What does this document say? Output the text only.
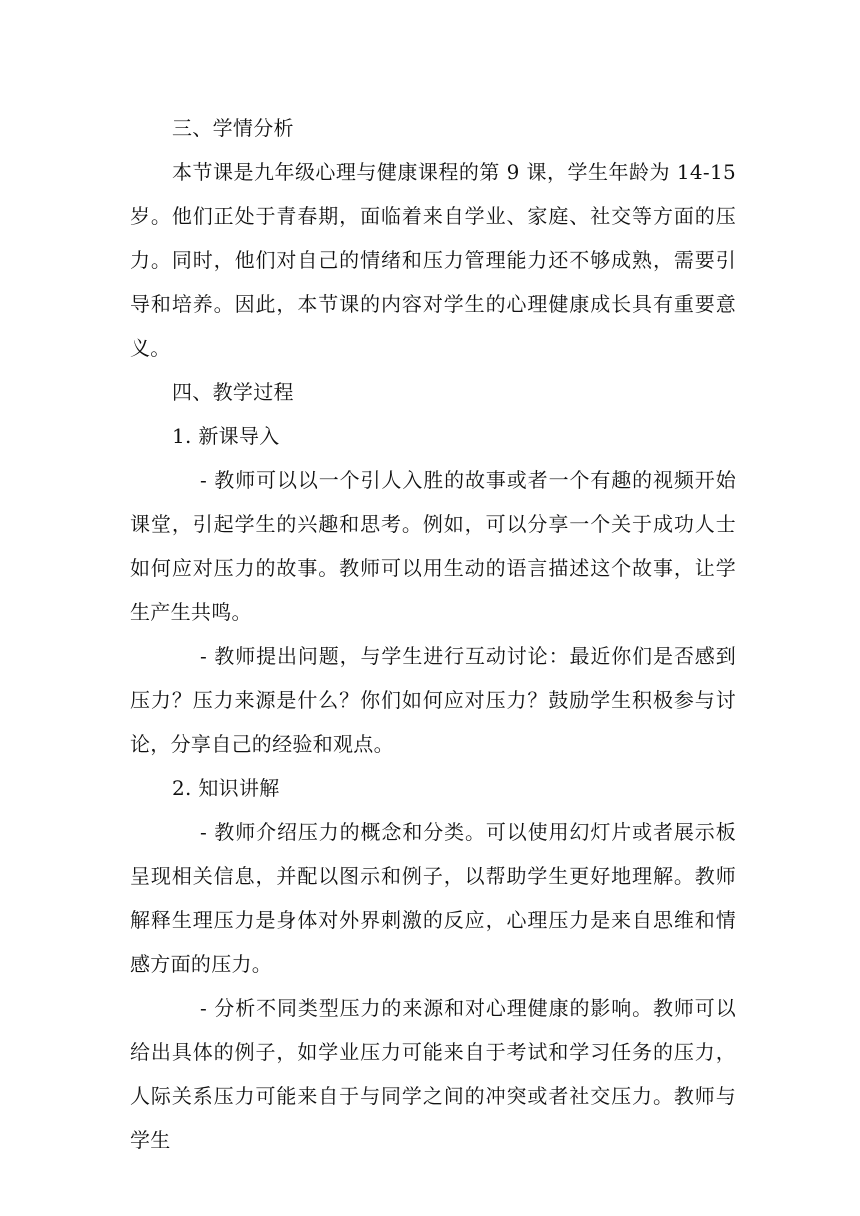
三、学情分析

本节课是九年级心理与健康课程的第 9 课，学生年龄为 14-15 岁。他们正处于青春期，面临着来自学业、家庭、社交等方面的压力。同时，他们对自己的情绪和压力管理能力还不够成熟，需要引导和培养。因此，本节课的内容对学生的心理健康成长具有重要意义。

四、教学过程

1. 新课导入

- 教师可以以一个引人入胜的故事或者一个有趣的视频开始课堂，引起学生的兴趣和思考。例如，可以分享一个关于成功人士如何应对压力的故事。教师可以用生动的语言描述这个故事，让学生产生共鸣。

- 教师提出问题，与学生进行互动讨论：最近你们是否感到压力？压力来源是什么？你们如何应对压力？鼓励学生积极参与讨论，分享自己的经验和观点。

2. 知识讲解

- 教师介绍压力的概念和分类。可以使用幻灯片或者展示板呈现相关信息，并配以图示和例子，以帮助学生更好地理解。教师解释生理压力是身体对外界刺激的反应，心理压力是来自思维和情感方面的压力。

- 分析不同类型压力的来源和对心理健康的影响。教师可以给出具体的例子，如学业压力可能来自于考试和学习任务的压力，人际关系压力可能来自于与同学之间的冲突或者社交压力。教师与学生
